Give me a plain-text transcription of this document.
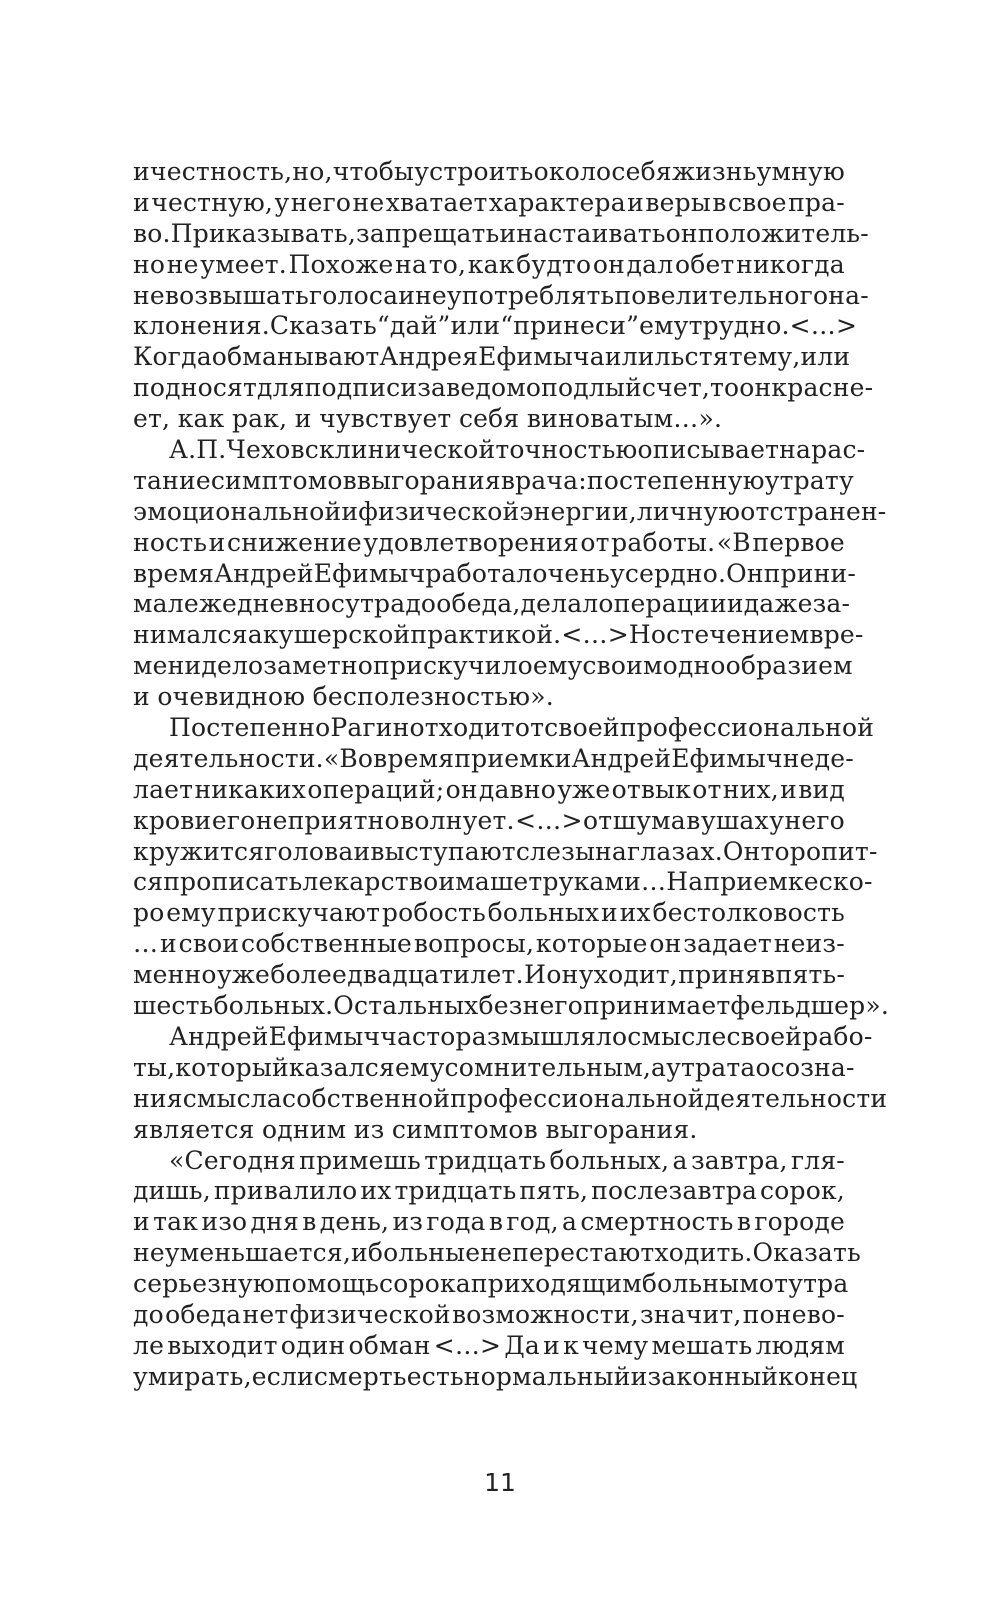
и честность, но, чтобы устроить около себя жизнь умную
и честную, у него не хватает характера и веры в свое пра-
во. Приказывать, запрещать и настаивать он положитель-
но не умеет. Похоже на то, как будто он дал обет никогда
не возвышать голоса и не употреблять повелительного на-
клонения. Сказать “дай” или “принеси” ему трудно. <…>
Когда обманывают Андрея Ефимыча или льстят ему, или
подносят для подписи заведомо подлый счет, то он красне-
ет, как рак, и чувствует себя виноватым…».
А. П. Чехов с клинической точностью описывает нарас-
тание симптомов выгорания врача: постепенную утрату
эмоциональной и физической энергии, личную отстранен-
ность и снижение удовлетворения от работы. «В первое
время Андрей Ефимыч работал очень усердно. Он прини-
мал ежедневно с утра до обеда, делал операции и даже за-
нимался акушерской практикой. <…> Но с течением вре-
мени дело заметно прискучило ему своим однообразием
и очевидною бесполезностью».
Постепенно Рагин отходит от своей профессиональной
деятельности. «Во время приемки Андрей Ефимыч не де-
лает никаких операций; он давно уже отвык от них, и вид
крови его неприятно волнует. <…> от шума в ушах у него
кружится голова и выступают слезы на глазах. Он торопит-
ся прописать лекарство и машет руками… На приемке ско-
ро ему прискучают робость больных и их бестолковость
… и свои собственные вопросы, которые он задает неиз-
менно уже более двадцати лет. И он уходит, приняв пять-
шесть больных. Остальных без него принимает фельдшер».
Андрей Ефимыч часто размышлял о смысле своей рабо-
ты, который казался ему сомнительным, а утрата осозна-
ния смысла собственной профессиональной деятельности
является одним из симптомов выгорания.
«Сегодня примешь тридцать больных, а завтра, гля-
дишь, привалило их тридцать пять, послезавтра сорок,
и так изо дня в день, из года в год, а смертность в городе
не уменьшается, и больные не перестают ходить. Оказать
серьезную помощь сорока приходящим больным от утра
до обеда нет физической возможности, значит, понево-
ле выходит один обман <…> Да и к чему мешать людям
умирать, если смерть есть нормальный и законный конец
11
